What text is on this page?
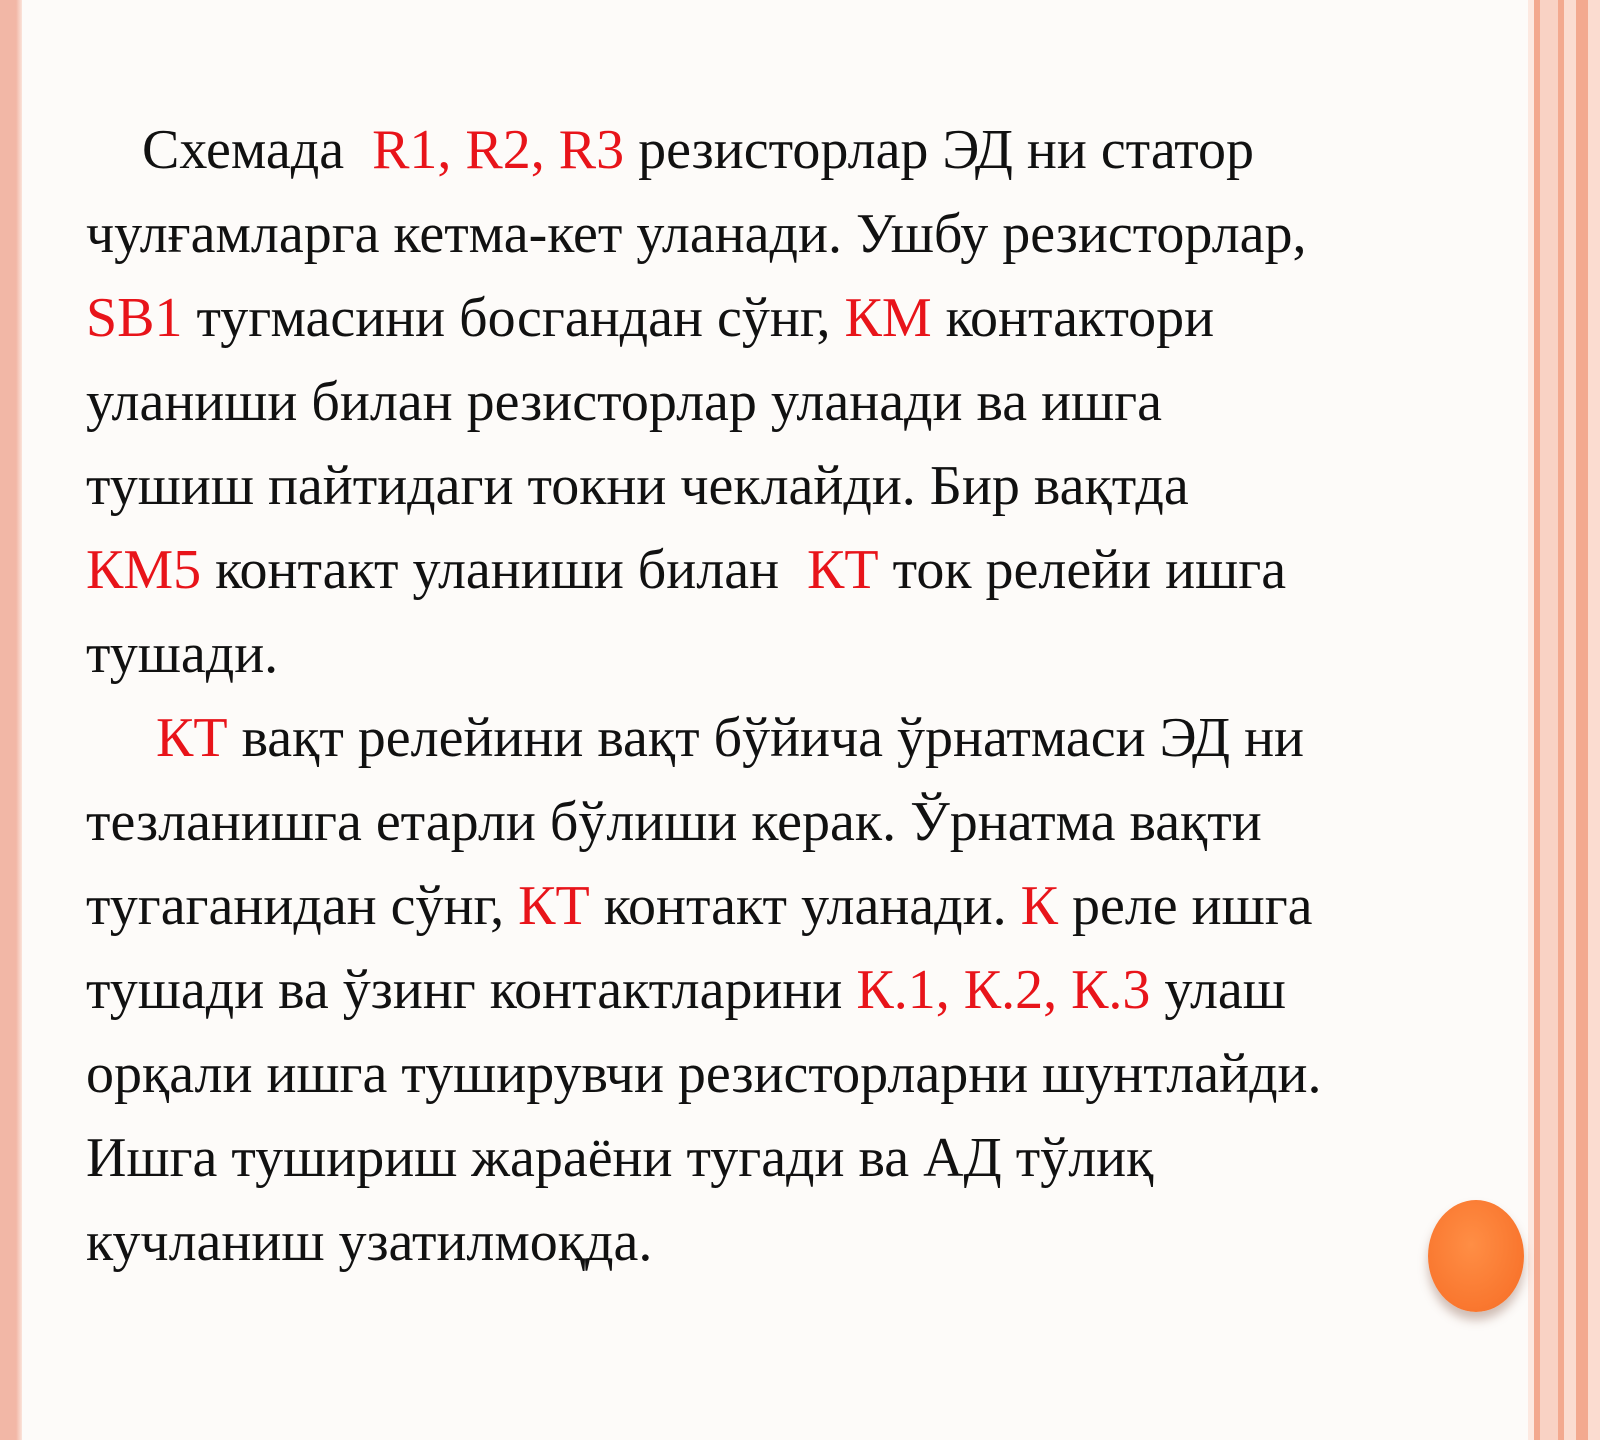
Схемада  R1, R2, R3 резисторлар ЭД ни статор
чулғамларга кетма-кет уланади. Ушбу резисторлар,
SB1 тугмасини босгандан сўнг, КМ контактори
уланиши билан резисторлар уланади ва ишга
тушиш пайтидаги токни чеклайди. Бир вақтда
КМ5 контакт уланиши билан  КТ ток релейи ишга
тушади.
КТ вақт релейини вақт бўйича ўрнатмаси ЭД ни
тезланишга етарли бўлиши керак. Ўрнатма вақти
тугаганидан сўнг, КТ контакт уланади. К реле ишга
тушади ва ўзинг контактларини К.1, К.2, К.3 улаш
орқали ишга туширувчи резисторларни шунтлайди.
Ишга тушириш жараёни тугади ва АД тўлиқ
кучланиш узатилмоқда.
